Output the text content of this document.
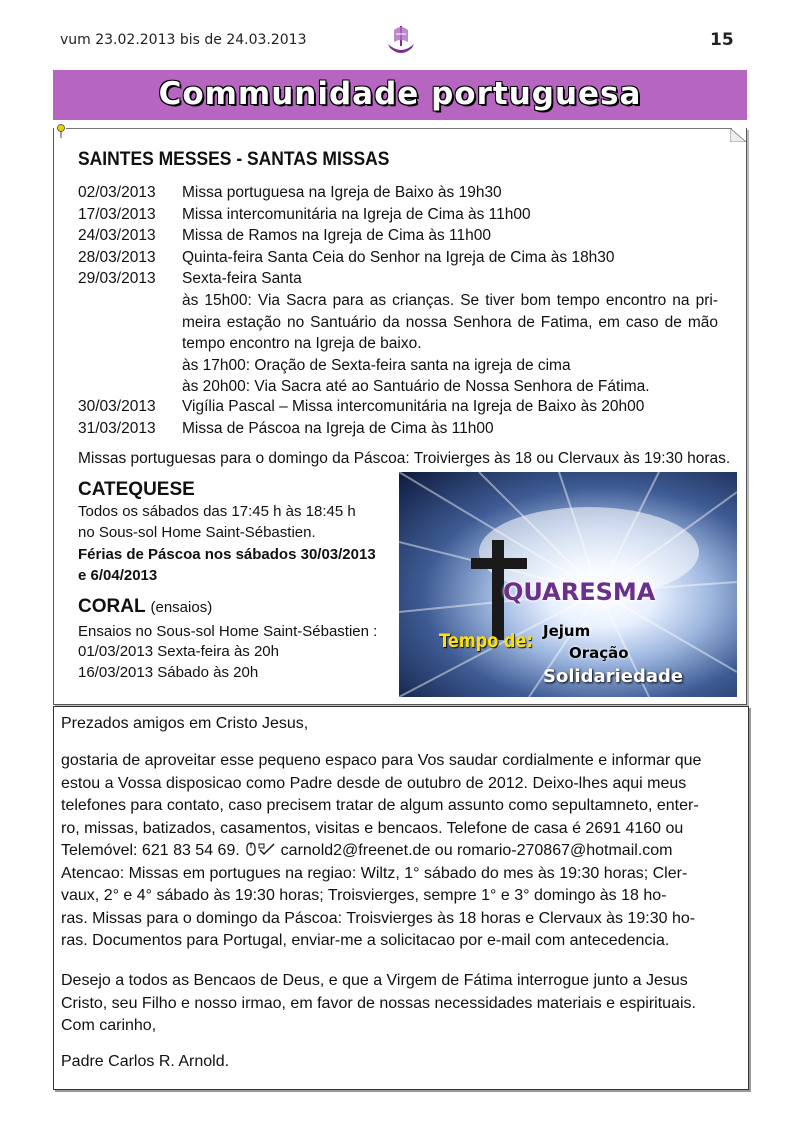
vum 23.02.2013 bis de 24.03.2013	15
Communidade portuguesa
SAINTES MESSES - SANTAS MISSAS
02/03/2013 Missa portuguesa na Igreja de Baixo às 19h30
17/03/2013 Missa intercomunitária na Igreja de Cima às 11h00
24/03/2013 Missa de Ramos na Igreja de Cima às 11h00
28/03/2013 Quinta-feira Santa Ceia do Senhor na Igreja de Cima às 18h30
29/03/2013 Sexta-feira Santa
às 15h00: Via Sacra para as crianças. Se tiver bom tempo encontro na pri-
meira estação no Santuário da nossa Senhora de Fatima, em caso de mão
tempo encontro na Igreja de baixo.
às 17h00: Oração de Sexta-feira santa na igreja de cima
às 20h00: Via Sacra até ao Santuário de Nossa Senhora de Fátima.
30/03/2013 Vigília Pascal – Missa intercomunitária na Igreja de Baixo às 20h00
31/03/2013 Missa de Páscoa na Igreja de Cima às 11h00
Missas portuguesas para o domingo da Páscoa: Troivierges às 18 ou Clervaux às 19:30 horas.
CATEQUESE
Todos os sábados das 17:45 h às 18:45 h
no Sous-sol Home Saint-Sébastien.
Férias de Páscoa nos sábados 30/03/2013
e 6/04/2013
CORAL (ensaios)
Ensaios no Sous-sol Home Saint-Sébastien :
01/03/2013 Sexta-feira às 20h
16/03/2013 Sábado às 20h
QUARESMA
Tempo de: Jejum
Oração
Solidariedade
Prezados amigos em Cristo Jesus,
gostaria de aproveitar esse pequeno espaco para Vos saudar cordialmente e informar que
estou a Vossa disposicao como Padre desde de outubro de 2012. Deixo-lhes aqui meus
telefones para contato, caso precisem tratar de algum assunto como sepultamneto, enter-
ro, missas, batizados, casamentos, visitas e bencaos. Telefone de casa é 2691 4160 ou
Telemóvel: 621 83 54 69.  carnold2@freenet.de ou romario-270867@hotmail.com
Atencao: Missas em portugues na regiao: Wiltz, 1° sábado do mes às 19:30 horas; Cler-
vaux, 2° e 4° sábado às 19:30 horas; Troisvierges, sempre 1° e 3° domingo às 18 ho-
ras. Missas para o domingo da Páscoa: Troisvierges às 18 horas e Clervaux às 19:30 ho-
ras. Documentos para Portugal, enviar-me a solicitacao por e-mail com antecedencia.
Desejo a todos as Bencaos de Deus, e que a Virgem de Fátima interrogue junto a Jesus
Cristo, seu Filho e nosso irmao, em favor de nossas necessidades materiais e espirituais.
Com carinho,
Padre Carlos R. Arnold.
